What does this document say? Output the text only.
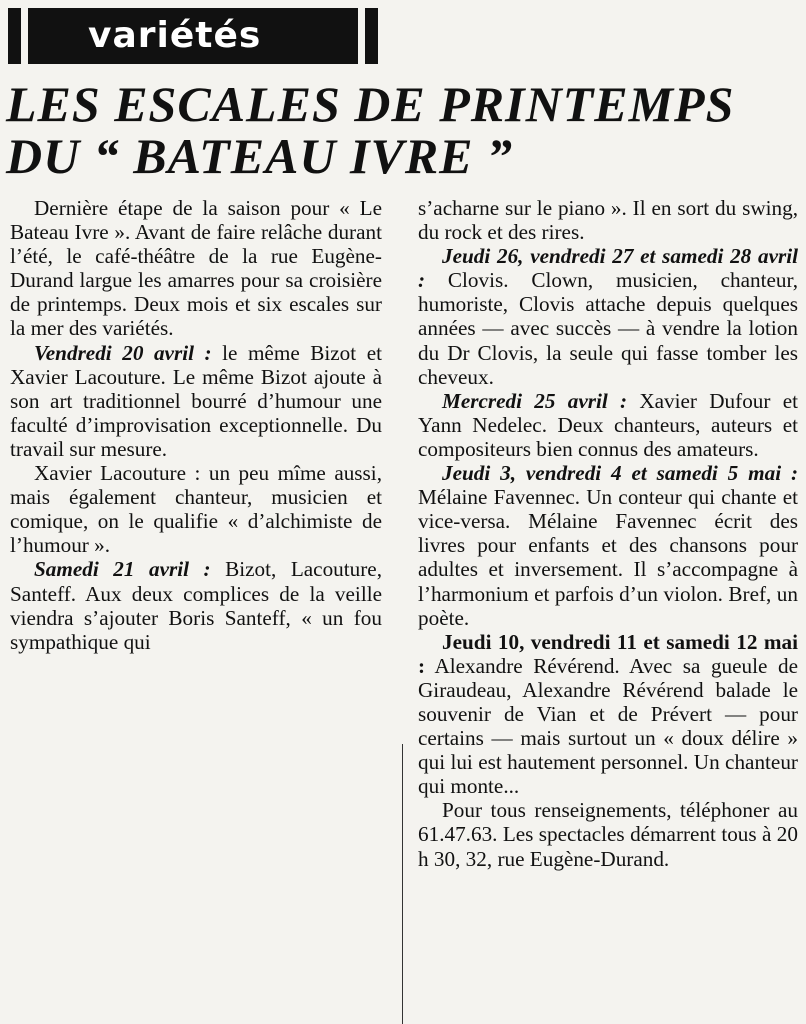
variétés
LES ESCALES DE PRINTEMPS
DU “ BATEAU IVRE ”

Dernière étape de la saison pour « Le Bateau Ivre ». Avant de faire relâche durant l’été, le café-théâtre de la rue Eugène-Durand largue les amarres pour sa croisière de printemps. Deux mois et six escales sur la mer des variétés.

Vendredi 20 avril : le même Bizot et Xavier Lacouture. Le même Bizot ajoute à son art traditionnel bourré d’humour une faculté d’improvisation exceptionnelle. Du travail sur mesure.

Xavier Lacouture : un peu mîme aussi, mais également chanteur, musicien et comique, on le qualifie « d’alchimiste de l’humour ».

Samedi 21 avril : Bizot, Lacouture, Santeff. Aux deux complices de la veille viendra s’ajouter Boris Santeff, « un fou sympathique qui

s’acharne sur le piano ». Il en sort du swing, du rock et des rires.

Jeudi 26, vendredi 27 et samedi 28 avril : Clovis. Clown, musicien, chanteur, humoriste, Clovis attache depuis quelques années — avec succès — à vendre la lotion du Dr Clovis, la seule qui fasse tomber les cheveux.

Mercredi 25 avril : Xavier Dufour et Yann Nedelec. Deux chanteurs, auteurs et compositeurs bien connus des amateurs.

Jeudi 3, vendredi 4 et samedi 5 mai : Mélaine Favennec. Un conteur qui chante et vice-versa. Mélaine Favennec écrit des livres pour enfants et des chansons pour adultes et inversement. Il s’accompagne à l’harmonium et parfois d’un violon. Bref, un poète.

Jeudi 10, vendredi 11 et samedi 12 mai : Alexandre Révérend. Avec sa gueule de Giraudeau, Alexandre Révérend balade le souvenir de Vian et de Prévert — pour certains — mais surtout un « doux délire » qui lui est hautement personnel. Un chanteur qui monte...

Pour tous renseignements, téléphoner au 61.47.63. Les spectacles démarrent tous à 20 h 30, 32, rue Eugène-Durand.
